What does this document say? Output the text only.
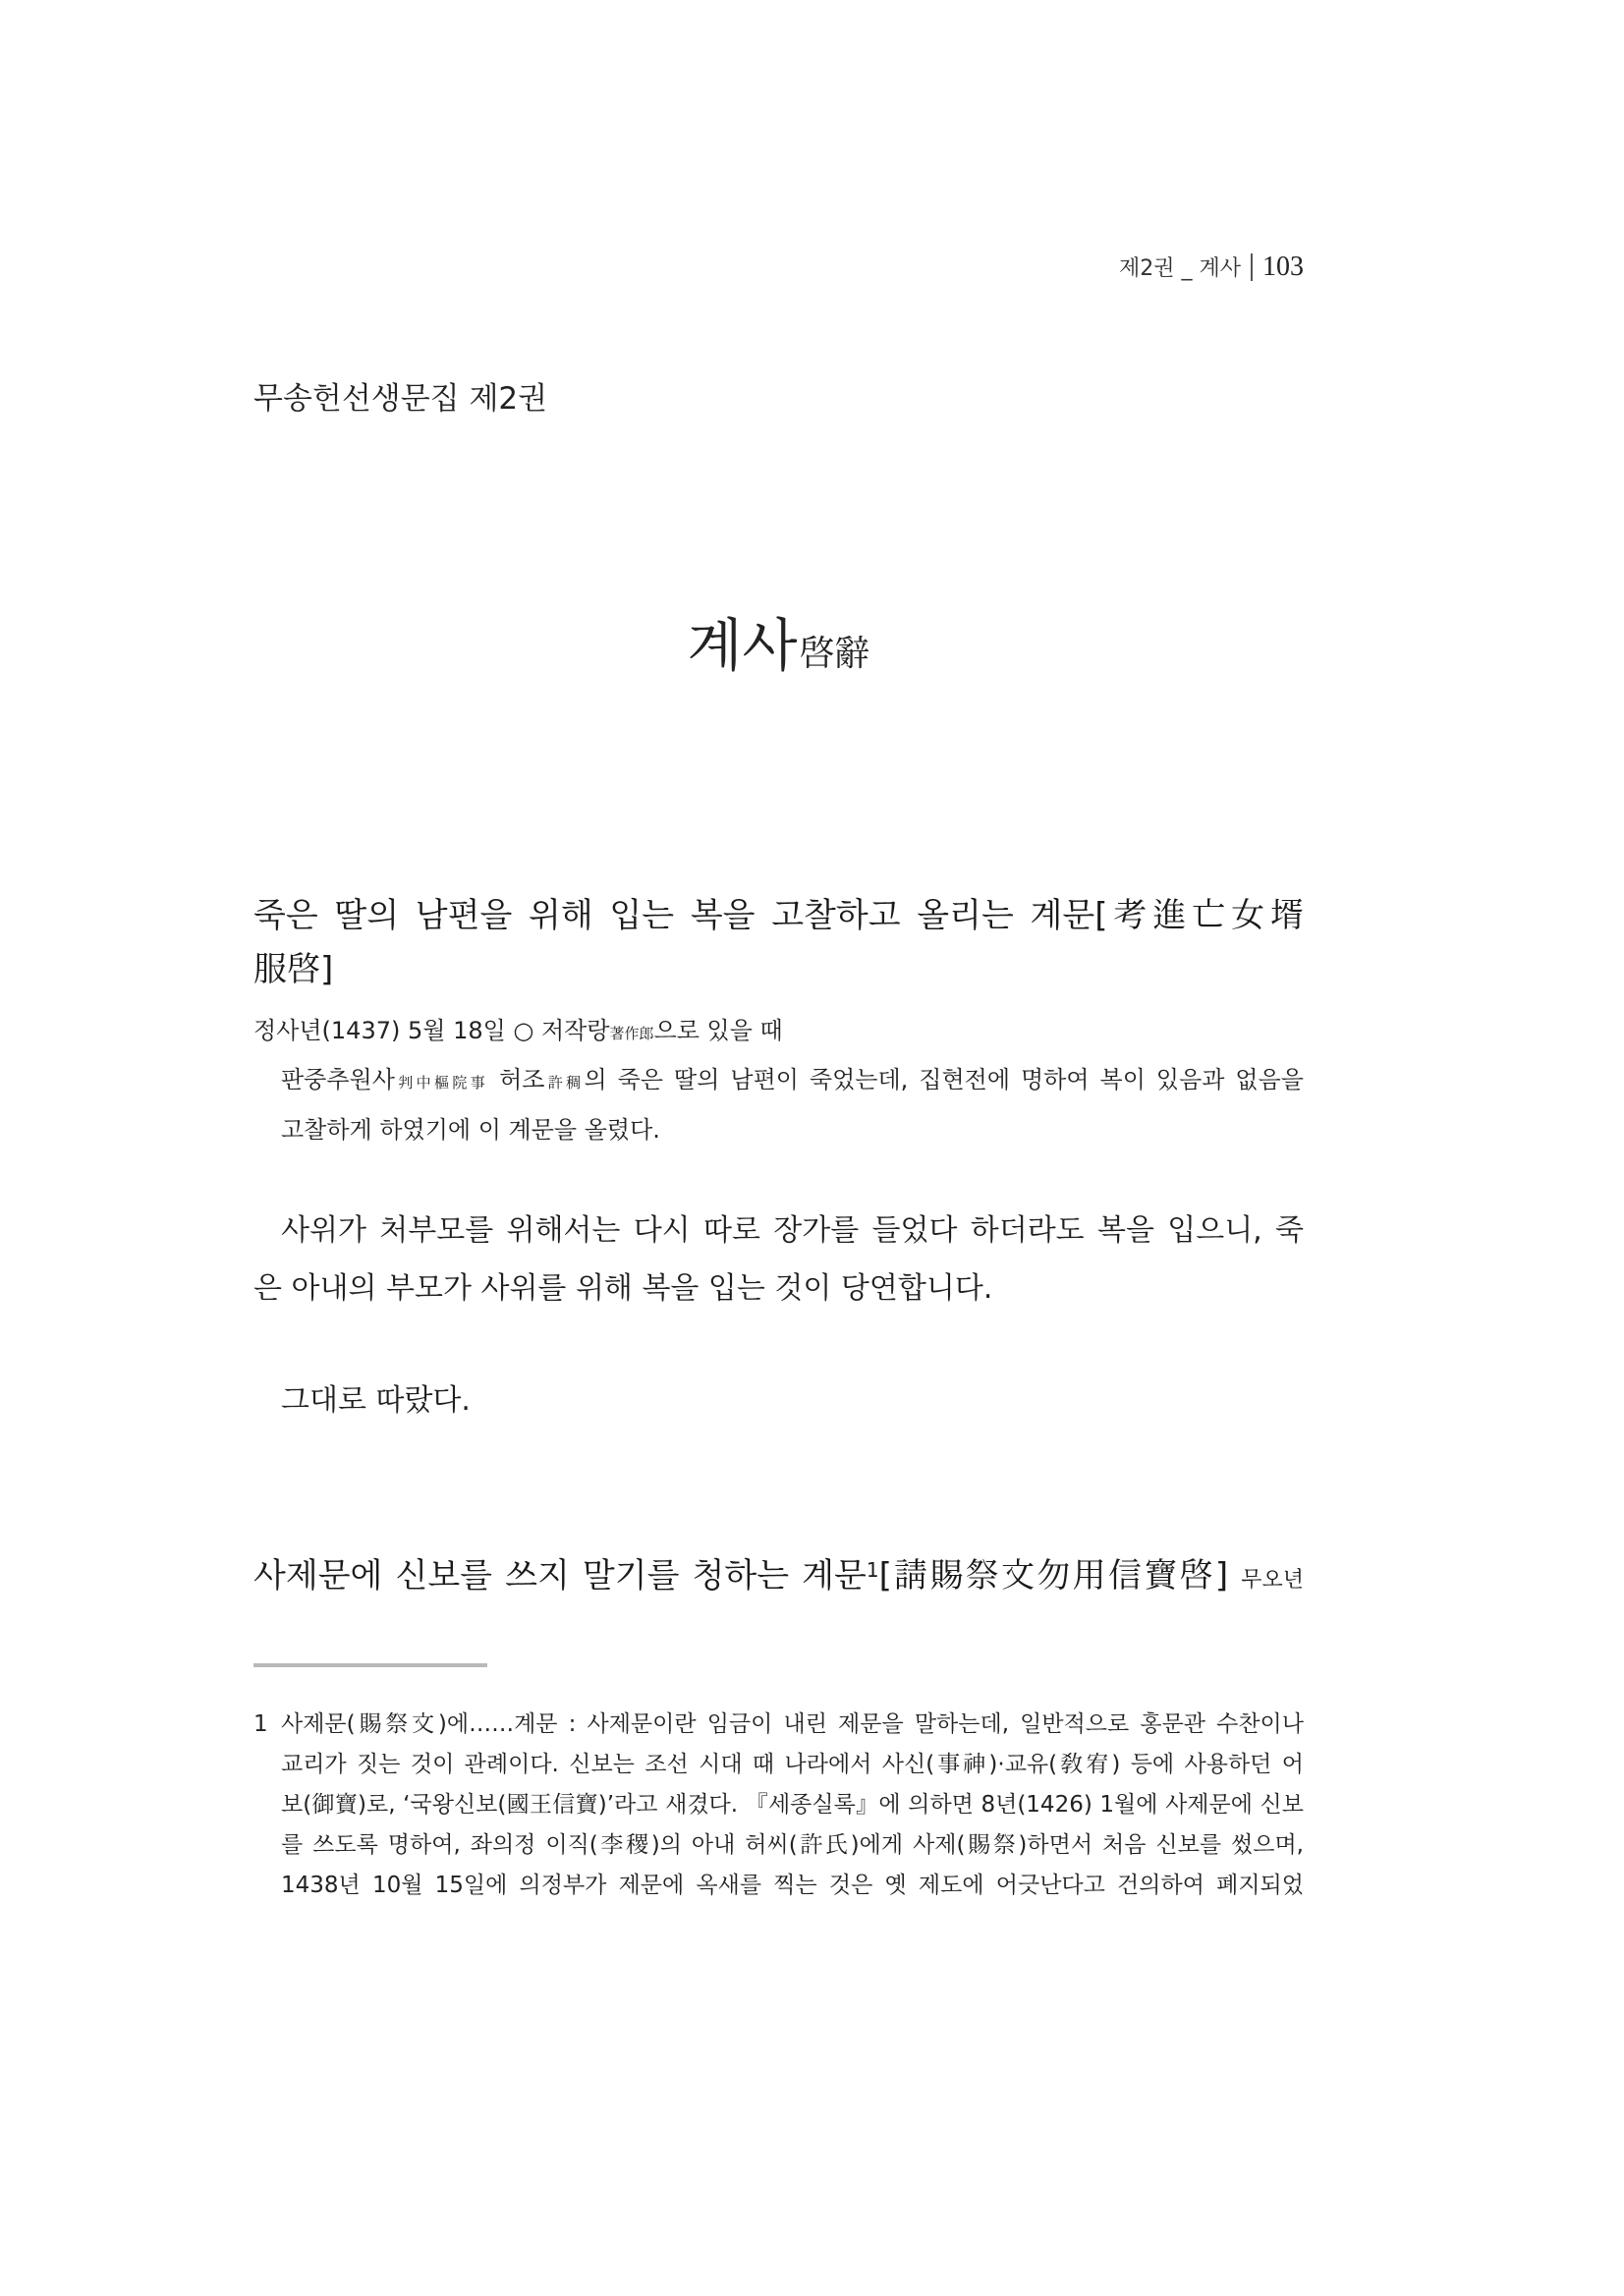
제2권 _ 계사 103
무송헌선생문집 제2권
계사啓辭
죽은 딸의 남편을 위해 입는 복을 고찰하고 올리는 계문[考進亡女壻
服啓]
정사년(1437) 5월 18일 ○ 저작랑著作郞으로 있을 때
판중추원사判中樞院事 허조許稠의 죽은 딸의 남편이 죽었는데, 집현전에 명하여 복이 있음과 없음을
고찰하게 하였기에 이 계문을 올렸다.
사위가 처부모를 위해서는 다시 따로 장가를 들었다 하더라도 복을 입으니, 죽
은 아내의 부모가 사위를 위해 복을 입는 것이 당연합니다.
그대로 따랐다.
사제문에 신보를 쓰지 말기를 청하는 계문$^1$[請賜祭文勿用信寶啓] 무오년
1 사제문(賜祭文)에……계문 : 사제문이란 임금이 내린 제문을 말하는데, 일반적으로 홍문관 수찬이나
교리가 짓는 것이 관례이다. 신보는 조선 시대 때 나라에서 사신(事神)·교유(敎宥) 등에 사용하던 어
보(御寶)로, ‘국왕신보(國王信寶)’라고 새겼다. 『세종실록』에 의하면 8년(1426) 1월에 사제문에 신보
를 쓰도록 명하여, 좌의정 이직(李稷)의 아내 허씨(許氏)에게 사제(賜祭)하면서 처음 신보를 썼으며,
1438년 10월 15일에 의정부가 제문에 옥새를 찍는 것은 옛 제도에 어긋난다고 건의하여 폐지되었
